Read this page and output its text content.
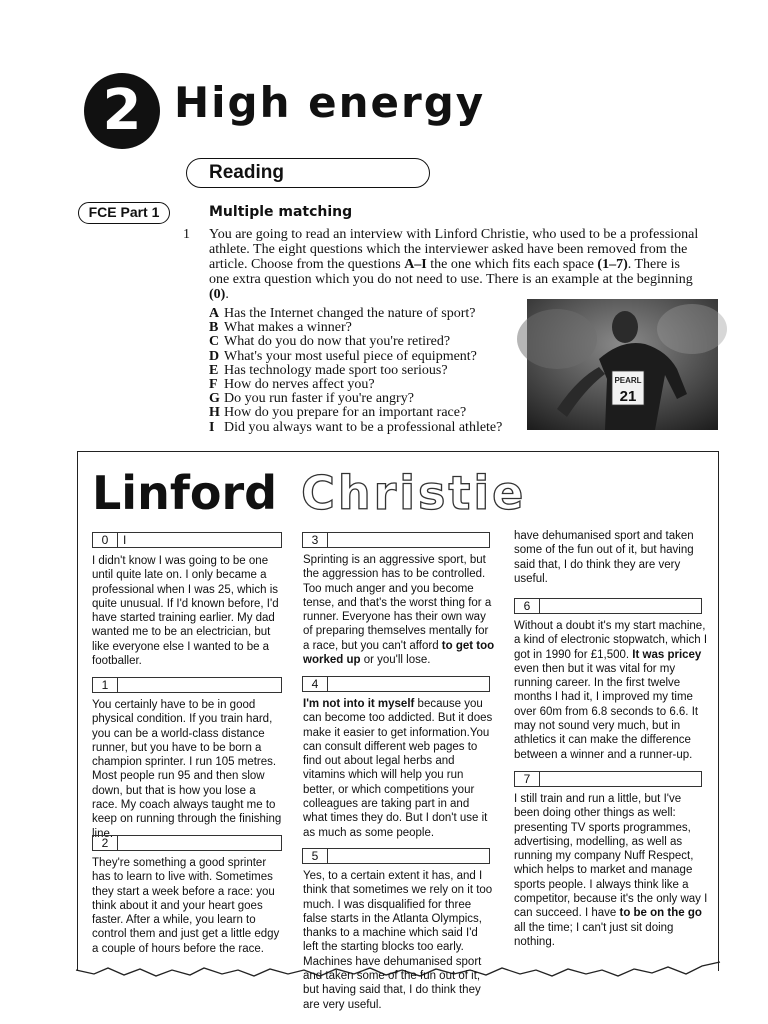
2 High energy
Reading
FCE Part 1	Multiple matching
1 You are going to read an interview with Linford Christie, who used to be a professional athlete. The eight questions which the interviewer asked have been removed from the article. Choose from the questions A–I the one which fits each space (1–7). There is one extra question which you do not need to use. There is an example at the beginning (0).
A Has the Internet changed the nature of sport?
B What makes a winner?
C What do you do now that you're retired?
D What's your most useful piece of equipment?
E Has technology made sport too serious?
F How do nerves affect you?
G Do you run faster if you're angry?
H How do you prepare for an important race?
I Did you always want to be a professional athlete?
PEARL
21
Linford Christie
0	I

I didn't know I was going to be one until quite late on. I only became a professional when I was 25, which is quite unusual. If I'd known before, I'd have started training earlier. My dad wanted me to be an electrician, but like everyone else I wanted to be a footballer.

1

You certainly have to be in good physical condition. If you train hard, you can be a world-class distance runner, but you have to be born a champion sprinter. I run 105 metres. Most people run 95 and then slow down, but that is how you lose a race. My coach always taught me to keep on running through the finishing line.

2

They're something a good sprinter has to learn to live with. Sometimes they start a week before a race: you think about it and your heart goes faster. After a while, you learn to control them and just get a little edgy a couple of hours before the race.

3

Sprinting is an aggressive sport, but the aggression has to be controlled. Too much anger and you become tense, and that's the worst thing for a runner. Everyone has their own way of preparing themselves mentally for a race, but you can't afford to get too worked up or you'll lose.

4

I'm not into it myself because you can become too addicted. But it does make it easier to get information.You can consult different web pages to find out about legal herbs and vitamins which will help you run better, or which competitions your colleagues are taking part in and what times they do. But I don't use it as much as some people.

5

Yes, to a certain extent it has, and I think that sometimes we rely on it too much. I was disqualified for three false starts in the Atlanta Olympics, thanks to a machine which said I'd left the starting blocks too early. Machines have dehumanised sport and taken some of the fun out of it, but having said that, I do think they are very useful.

have dehumanised sport and taken some of the fun out of it, but having said that, I do think they are very useful.

6

Without a doubt it's my start machine, a kind of electronic stopwatch, which I got in 1990 for £1,500. It was pricey even then but it was vital for my running career. In the first twelve months I had it, I improved my time over 60m from 6.8 seconds to 6.6. It may not sound very much, but in athletics it can make the difference between a winner and a runner-up.

7

I still train and run a little, but I've been doing other things as well: presenting TV sports programmes, advertising, modelling, as well as running my company Nuff Respect, which helps to market and manage sports people. I always think like a competitor, because it's the only way I can succeed. I have to be on the go all the time; I can't just sit doing nothing.
